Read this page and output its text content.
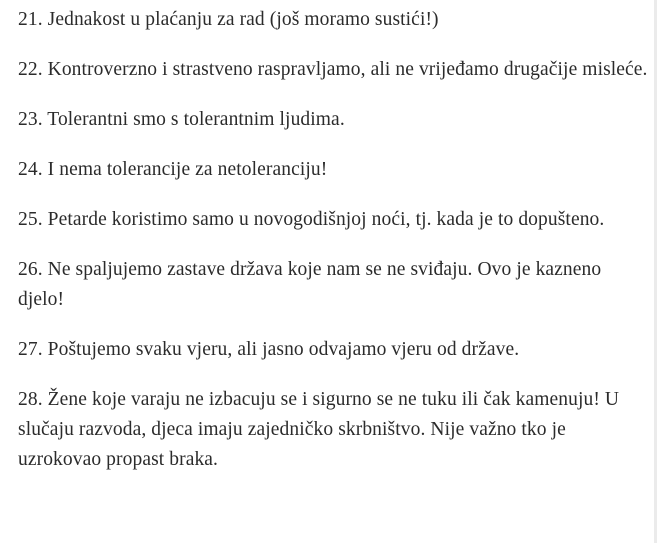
21. Jednakost u plaćanju za rad (još moramo sustići!)

22. Kontroverzno i strastveno raspravljamo, ali ne vrijeđamo drugačije misleće.

23. Tolerantni smo s tolerantnim ljudima.

24. I nema tolerancije za netoleranciju!

25. Petarde koristimo samo u novogodišnjoj noći, tj. kada je to dopušteno.

26. Ne spaljujemo zastave država koje nam se ne sviđaju. Ovo je kazneno djelo!

27. Poštujemo svaku vjeru, ali jasno odvajamo vjeru od države.

28. Žene koje varaju ne izbacuju se i sigurno se ne tuku ili čak kamenuju! U slučaju razvoda, djeca imaju zajedničko skrbništvo. Nije važno tko je uzrokovao propast braka.
